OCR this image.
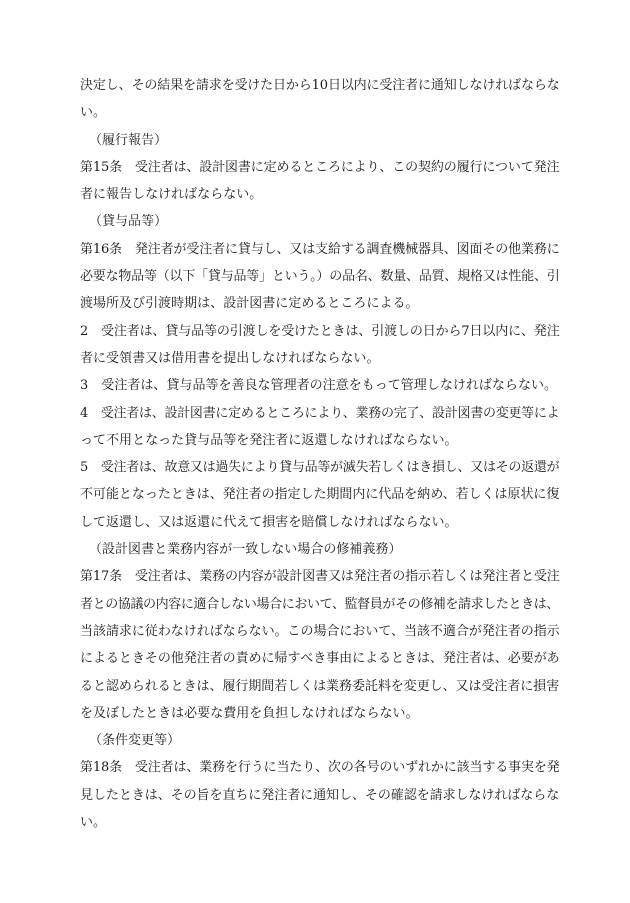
決定し、その結果を請求を受けた日から10日以内に受注者に通知しなければならな
い。
（履行報告）
第15条　受注者は、設計図書に定めるところにより、この契約の履行について発注
者に報告しなければならない。
（貸与品等）
第16条　発注者が受注者に貸与し、又は支給する調査機械器具、図面その他業務に
必要な物品等（以下「貸与品等」という。）の品名、数量、品質、規格又は性能、引
渡場所及び引渡時期は、設計図書に定めるところによる。
2　受注者は、貸与品等の引渡しを受けたときは、引渡しの日から7日以内に、発注
者に受領書又は借用書を提出しなければならない。
3　受注者は、貸与品等を善良な管理者の注意をもって管理しなければならない。
4　受注者は、設計図書に定めるところにより、業務の完了、設計図書の変更等によ
って不用となった貸与品等を発注者に返還しなければならない。
5　受注者は、故意又は過失により貸与品等が滅失若しくはき損し、又はその返還が
不可能となったときは、発注者の指定した期間内に代品を納め、若しくは原状に復
して返還し、又は返還に代えて損害を賠償しなければならない。
（設計図書と業務内容が一致しない場合の修補義務）
第17条　受注者は、業務の内容が設計図書又は発注者の指示若しくは発注者と受注
者との協議の内容に適合しない場合において、監督員がその修補を請求したときは、
当該請求に従わなければならない。この場合において、当該不適合が発注者の指示
によるときその他発注者の責めに帰すべき事由によるときは、発注者は、必要があ
ると認められるときは、履行期間若しくは業務委託料を変更し、又は受注者に損害
を及ぼしたときは必要な費用を負担しなければならない。
（条件変更等）
第18条　受注者は、業務を行うに当たり、次の各号のいずれかに該当する事実を発
見したときは、その旨を直ちに発注者に通知し、その確認を請求しなければならな
い。
